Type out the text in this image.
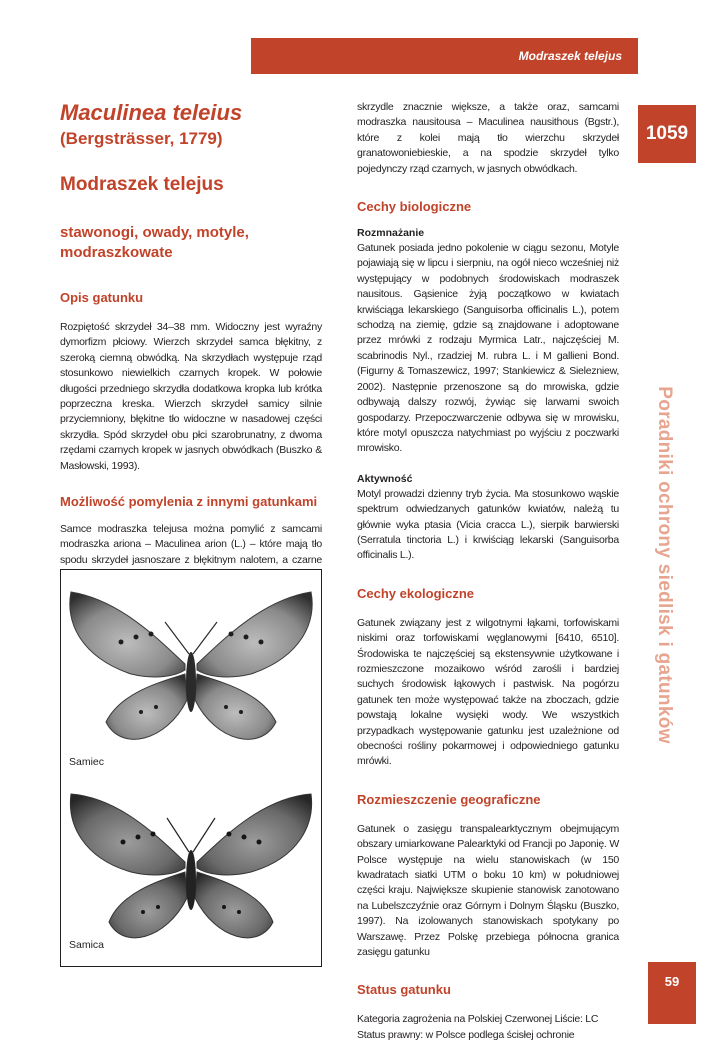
Modraszek telejus
1059
Poradniki ochrony siedlisk i gatunków
59
Maculinea teleius
(Bergsträsser, 1779)
Modraszek telejus
stawonogi, owady, motyle, modraszkowate
Opis gatunku

Rozpiętość skrzydeł 34–38 mm. Widoczny jest wyraźny dymorfizm płciowy. Wierzch skrzydeł samca błękitny, z szeroką ciemną obwódką. Na skrzydłach występuje rząd stosunkowo niewielkich czarnych kropek. W połowie długości przedniego skrzydła dodatkowa kropka lub krótka poprzeczna kreska. Wierzch skrzydeł samicy silnie przyciemniony, błękitne tło widoczne w nasadowej części skrzydła. Spód skrzydeł obu płci szarobrunatny, z dwoma rzędami czarnych kropek w jasnych obwódkach (Buszko & Masłowski, 1993).

Możliwość pomylenia z innymi gatunkami

Samce modraszka telejusa można pomylić z samcami modraszka ariona – Maculinea arion (L.) – które mają tło spodu skrzydeł jasnoszare z błękitnym nalotem, a czarne

Samiec
Samica

skrzydle znacznie większe, a także oraz, samcami modraszka nausitousa – Maculinea nausithous (Bgstr.), które z kolei mają tło wierzchu skrzydeł granatowoniebieskie, a na spodzie skrzydeł tylko pojedynczy rząd czarnych, w jasnych obwódkach.

Cechy biologiczne
Rozmnażanie

Gatunek posiada jedno pokolenie w ciągu sezonu, Motyle pojawiają się w lipcu i sierpniu, na ogół nieco wcześniej niż występujący w podobnych środowiskach modraszek nausitous. Gąsienice żyją początkowo w kwiatach krwiściąga lekarskiego (Sanguisorba officinalis L.), potem schodzą na ziemię, gdzie są znajdowane i adoptowane przez mrówki z rodzaju Myrmica Latr., najczęściej M. scabrinodis Nyl., rzadziej M. rubra L. i M gallieni Bond. (Figurny & Tomaszewicz, 1997; Stankiewicz & Sielezniew, 2002). Następnie przenoszone są do mrowiska, gdzie odbywają dalszy rozwój, żywiąc się larwami swoich gospodarzy. Przepoczwarczenie odbywa się w mrowisku, które motyl opuszcza natychmiast po wyjściu z poczwarki mrowisko.

Aktywność

Motyl prowadzi dzienny tryb życia. Ma stosunkowo wąskie spektrum odwiedzanych gatunków kwiatów, należą tu głównie wyka ptasia (Vicia cracca L.), sierpik barwierski (Serratula tinctoria L.) i krwiściąg lekarski (Sanguisorba officinalis L.).

Cechy ekologiczne

Gatunek związany jest z wilgotnymi łąkami, torfowiskami niskimi oraz torfowiskami węglanowymi [6410, 6510]. Środowiska te najczęściej są ekstensywnie użytkowane i rozmieszczone mozaikowo wśród zarośli i bardziej suchych środowisk łąkowych i pastwisk. Na pogórzu gatunek ten może występować także na zboczach, gdzie powstają lokalne wysięki wody. We wszystkich przypadkach występowanie gatunku jest uzależnione od obecności rośliny pokarmowej i odpowiedniego gatunku mrówki.

Rozmieszczenie geograficzne

Gatunek o zasięgu transpalearktycznym obejmującym obszary umiarkowane Palearktyki od Francji po Japonię. W Polsce występuje na wielu stanowiskach (w 150 kwadratach siatki UTM o boku 10 km) w południowej części kraju. Największe skupienie stanowisk zanotowano na Lubelszczyźnie oraz Górnym i Dolnym Śląsku (Buszko, 1997). Na izolowanych stanowiskach spotykany po Warszawę. Przez Polskę przebiega północna granica zasięgu gatunku

Status gatunku

Kategoria zagrożenia na Polskiej Czerwonej Liście: LC

Status prawny: w Polsce podlega ścisłej ochronie
